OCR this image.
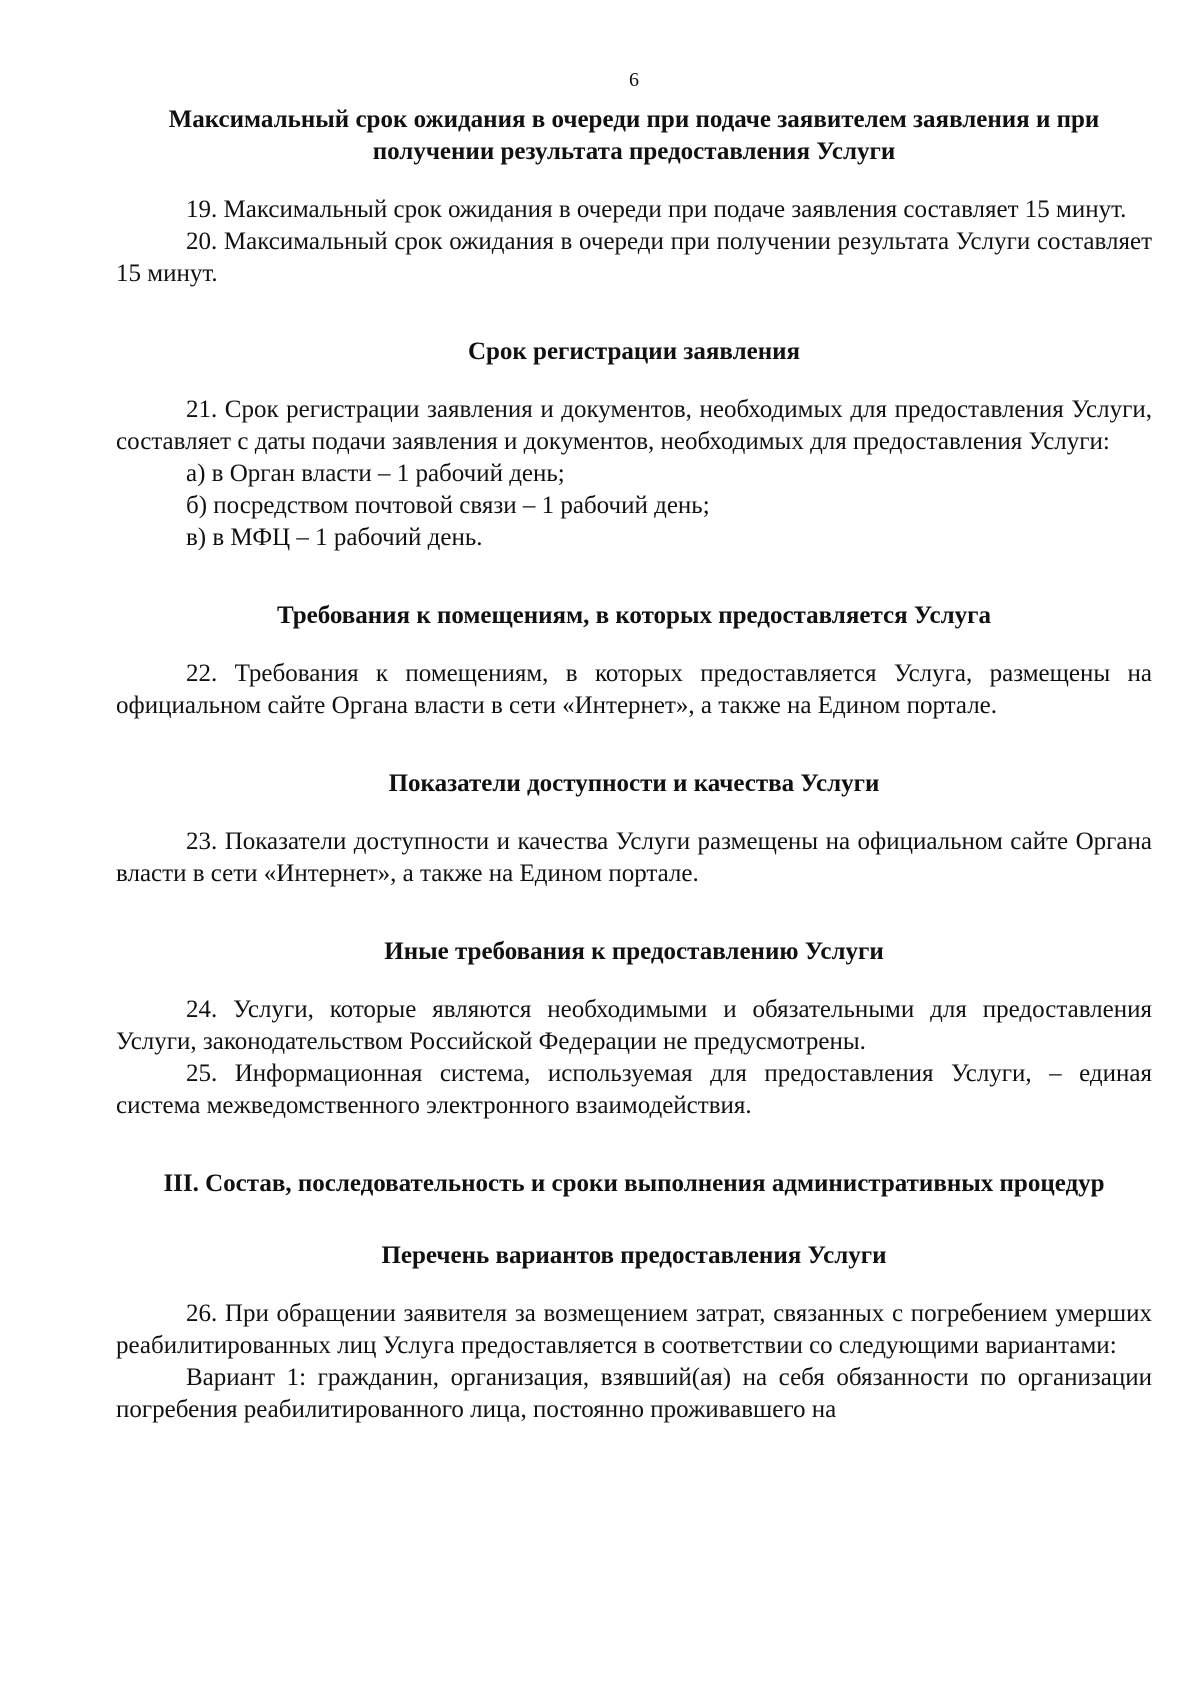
6

Максимальный срок ожидания в очереди при подаче заявителем заявления и при получении результата предоставления Услуги

19. Максимальный срок ожидания в очереди при подаче заявления составляет 15 минут.

20. Максимальный срок ожидания в очереди при получении результата Услуги составляет 15 минут.

Срок регистрации заявления

21. Срок регистрации заявления и документов, необходимых для предоставления Услуги, составляет с даты подачи заявления и документов, необходимых для предоставления Услуги:

а) в Орган власти – 1 рабочий день;

б) посредством почтовой связи – 1 рабочий день;

в) в МФЦ – 1 рабочий день.

Требования к помещениям, в которых предоставляется Услуга

22. Требования к помещениям, в которых предоставляется Услуга, размещены на официальном сайте Органа власти в сети «Интернет», а также на Едином портале.

Показатели доступности и качества Услуги

23. Показатели доступности и качества Услуги размещены на официальном сайте Органа власти в сети «Интернет», а также на Едином портале.

Иные требования к предоставлению Услуги

24. Услуги, которые являются необходимыми и обязательными для предоставления Услуги, законодательством Российской Федерации не предусмотрены.

25. Информационная система, используемая для предоставления Услуги, – единая система межведомственного электронного взаимодействия.

III. Состав, последовательность и сроки выполнения административных процедур

Перечень вариантов предоставления Услуги

26. При обращении заявителя за возмещением затрат, связанных с погребением умерших реабилитированных лиц Услуга предоставляется в соответствии со следующими вариантами:

Вариант 1: гражданин, организация, взявший(ая) на себя обязанности по организации погребения реабилитированного лица, постоянно проживавшего на
